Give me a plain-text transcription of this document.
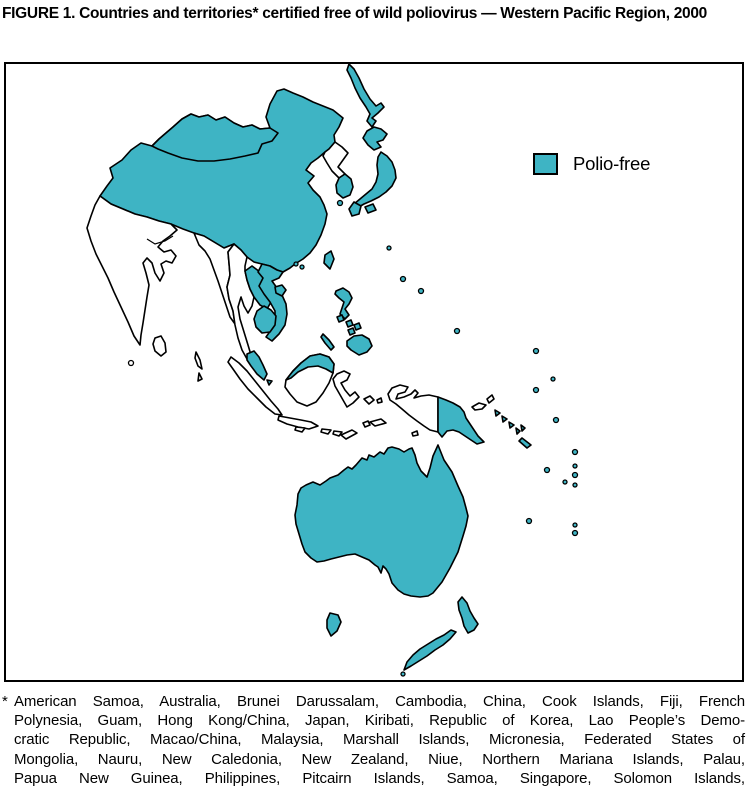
FIGURE 1. Countries and territories* certified free of wild poliovirus — Western Pacific Region, 2000
Polio-free
* American Samoa, Australia, Brunei Darussalam, Cambodia, China, Cook Islands, Fiji, French
Polynesia, Guam, Hong Kong/China, Japan, Kiribati, Republic of Korea, Lao People’s Demo-
cratic Republic, Macao/China, Malaysia, Marshall Islands, Micronesia, Federated States of
Mongolia, Nauru, New Caledonia, New Zealand, Niue, Northern Mariana Islands, Palau,
Papua New Guinea, Philippines, Pitcairn Islands, Samoa, Singapore, Solomon Islands,
